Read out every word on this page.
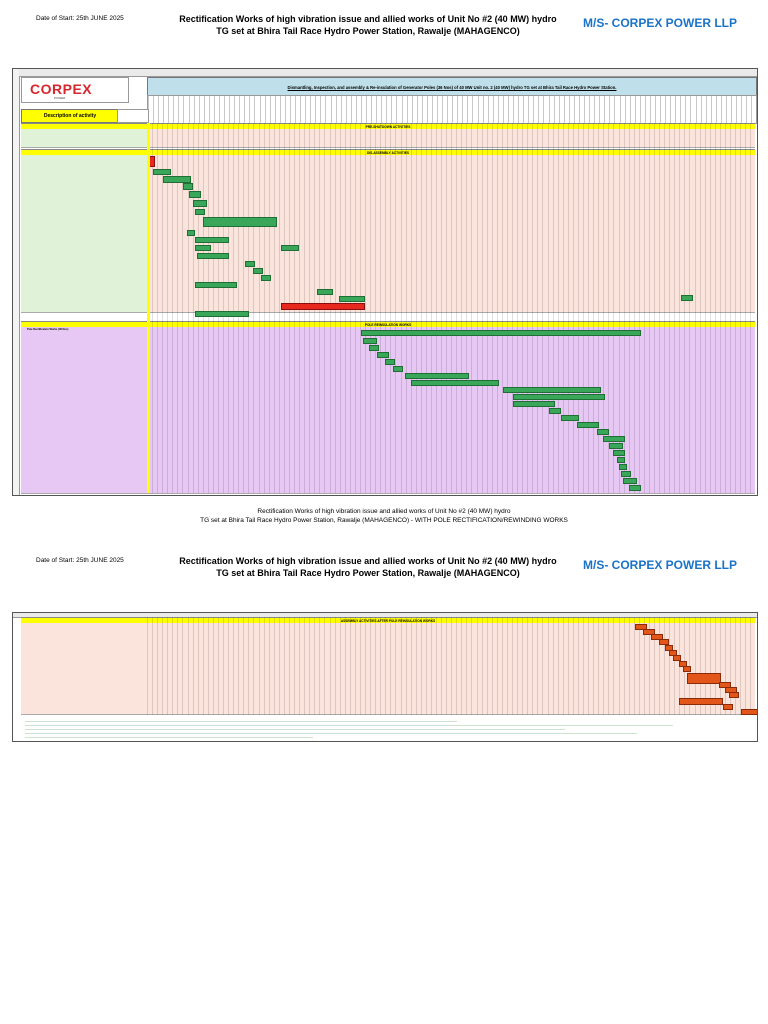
Date of Start: 25th JUNE 2025	Rectification Works of high vibration issue and allied works of Unit No #2 (40 MW) hydro
TG set at Bhira Tail Race Hydro Power Station, Rawalje (MAHAGENCO)
M/S- CORPEX POWER LLP
CORPEX
POWER
Dismantling, Inspection, and assembly & Re-insulation of Generator Poles (36 Nos) of 40 MW Unit no. 2 (40 MW) hydro TG set at Bhira Tail Race Hydro Power Station.
Description of activity
PRE-SHUTDOWN ACTIVITIES
DIS-ASSEMBLY ACTIVITIES
POLE REINSULATION WORKS
Pole Rectification Works (36 Nos)
Rectification Works of high vibration issue and allied works of Unit No #2 (40 MW) hydro
TG set at Bhira Tail Race Hydro Power Station, Rawalje (MAHAGENCO) - WITH POLE RECTIFICATION/REWINDING WORKS
Date of Start: 25th JUNE 2025	Rectification Works of high vibration issue and allied works of Unit No #2 (40 MW) hydro
TG set at Bhira Tail Race Hydro Power Station, Rawalje (MAHAGENCO)
M/S- CORPEX POWER LLP
ASSEMBLY ACTIVITIES AFTER POLE REINSULATION WORKS
